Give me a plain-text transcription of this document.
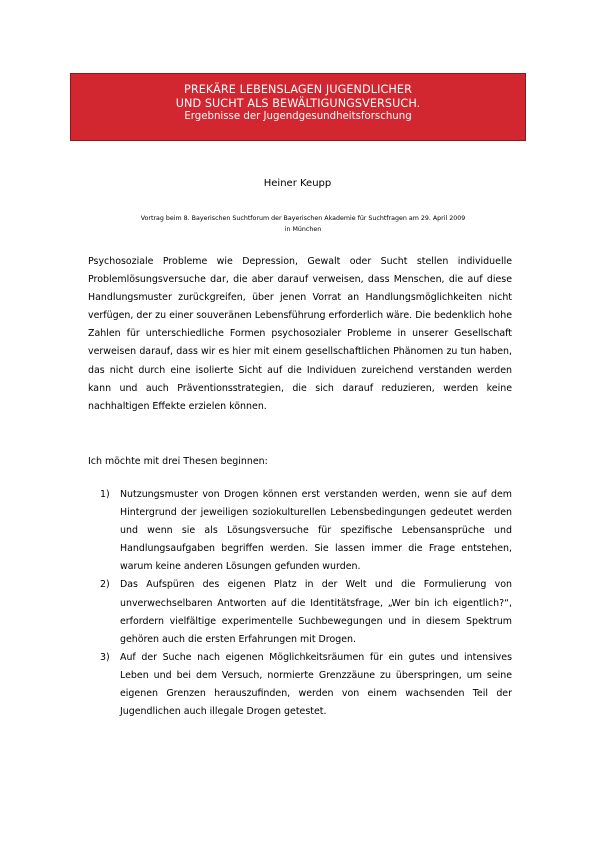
PREKÄRE LEBENSLAGEN JUGENDLICHER
UND SUCHT ALS BEWÄLTIGUNGSVERSUCH.
Ergebnisse der Jugendgesundheitsforschung
Heiner Keupp
Vortrag beim 8. Bayerischen Suchtforum der Bayerischen Akademie für Suchtfragen am 29. April 2009
in München

Psychosoziale Probleme wie Depression, Gewalt oder Sucht stellen individuelle Problemlösungsversuche dar, die aber darauf verweisen, dass Menschen, die auf diese Handlungsmuster zurückgreifen, über jenen Vorrat an Handlungsmöglichkeiten nicht verfügen, der zu einer souveränen Lebensführung erforderlich wäre. Die bedenklich hohe Zahlen für unterschiedliche Formen psychosozialer Probleme in unserer Gesellschaft verweisen darauf, dass wir es hier mit einem gesellschaftlichen Phänomen zu tun haben, das nicht durch eine isolierte Sicht auf die Individuen zureichend verstanden werden kann und auch Präventionsstrategien, die sich darauf reduzieren, werden keine nachhaltigen Effekte erzielen können.

Ich möchte mit drei Thesen beginnen:

1) Nutzungsmuster von Drogen können erst verstanden werden, wenn sie auf dem Hintergrund der jeweiligen soziokulturellen Lebensbedingungen gedeutet werden und wenn sie als Lösungsversuche für spezifische Lebensansprüche und Handlungsaufgaben begriffen werden. Sie lassen immer die Frage entstehen, warum keine anderen Lösungen gefunden wurden.
2) Das Aufspüren des eigenen Platz in der Welt und die Formulierung von unverwechselbaren Antworten auf die Identitätsfrage, „Wer bin ich eigentlich?“, erfordern vielfältige experimentelle Suchbewegungen und in diesem Spektrum gehören auch die ersten Erfahrungen mit Drogen.
3) Auf der Suche nach eigenen Möglichkeitsräumen für ein gutes und intensives Leben und bei dem Versuch, normierte Grenzzäune zu überspringen, um seine eigenen Grenzen herauszufinden, werden von einem wachsenden Teil der Jugendlichen auch illegale Drogen getestet.
